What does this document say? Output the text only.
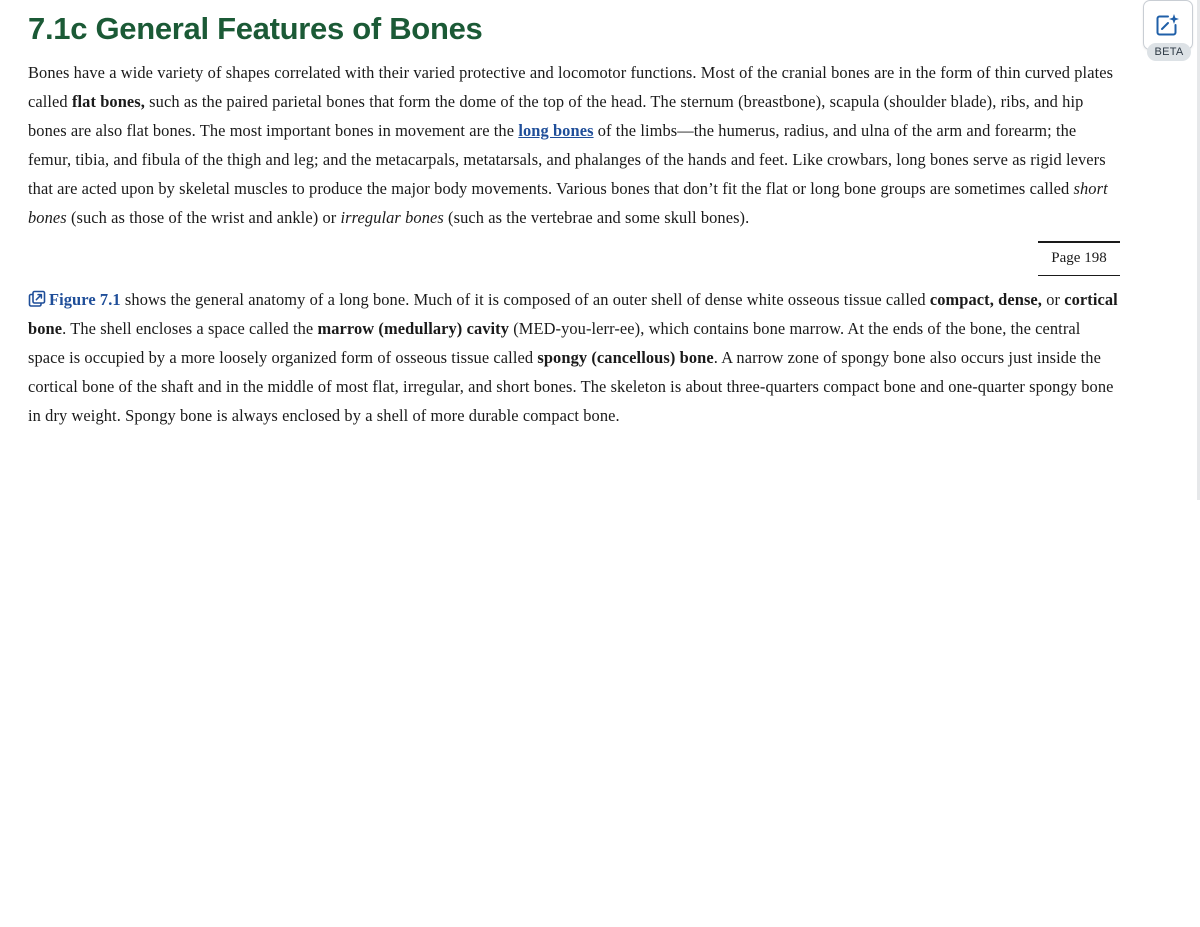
7.1c General Features of Bones

Bones have a wide variety of shapes correlated with their varied protective and locomotor functions. Most of the cranial bones are in the form of thin curved plates called flat bones, such as the paired parietal bones that form the dome of the top of the head. The sternum (breastbone), scapula (shoulder blade), ribs, and hip bones are also flat bones. The most important bones in movement are the long bones of the limbs—the humerus, radius, and ulna of the arm and forearm; the femur, tibia, and fibula of the thigh and leg; and the metacarpals, metatarsals, and phalanges of the hands and feet. Like crowbars, long bones serve as rigid levers that are acted upon by skeletal muscles to produce the major body movements. Various bones that don’t fit the flat or long bone groups are sometimes called short bones (such as those of the wrist and ankle) or irregular bones (such as the vertebrae and some skull bones).

Page 198

Figure 7.1 shows the general anatomy of a long bone. Much of it is composed of an outer shell of dense white osseous tissue called compact, dense, or cortical bone. The shell encloses a space called the marrow (medullary) cavity (MED-you-lerr-ee), which contains bone marrow. At the ends of the bone, the central space is occupied by a more loosely organized form of osseous tissue called spongy (cancellous) bone. A narrow zone of spongy bone also occurs just inside the cortical bone of the shaft and in the middle of most flat, irregular, and short bones. The skeleton is about three-quarters compact bone and one-quarter spongy bone in dry weight. Spongy bone is always enclosed by a shell of more durable compact bone.

BETA
